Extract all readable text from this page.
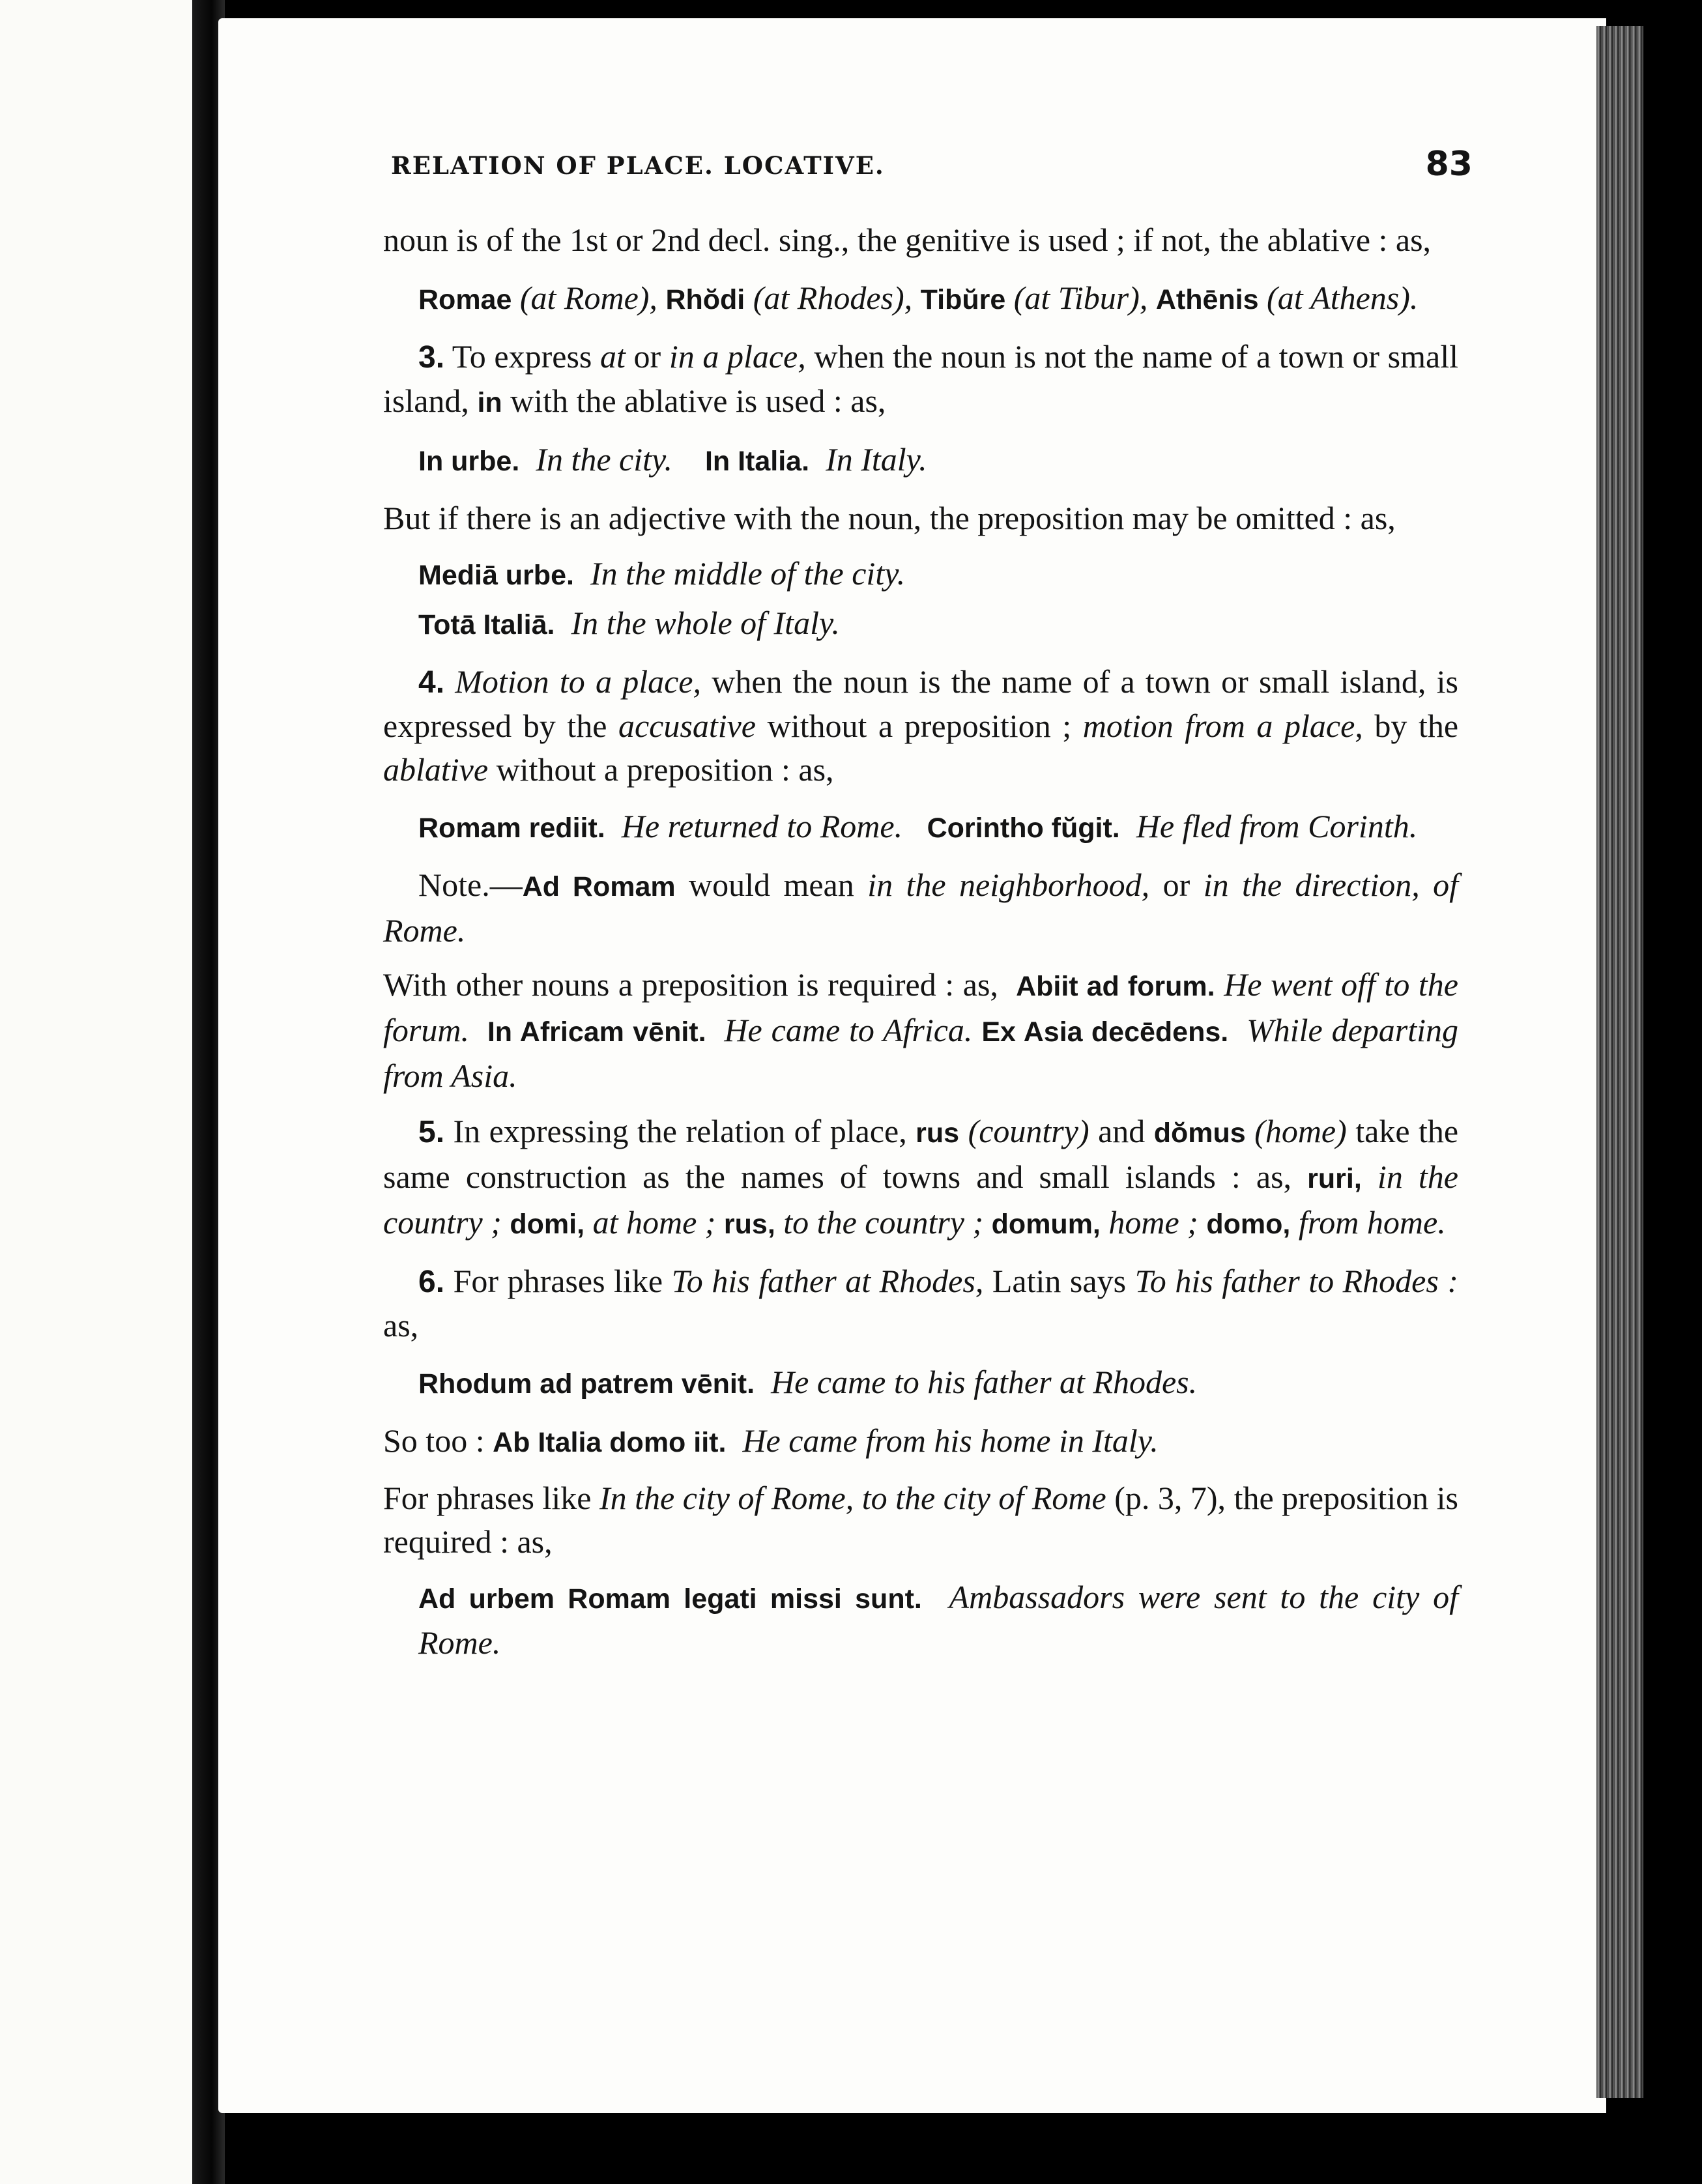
RELATION OF PLACE. LOCATIVE.	83

noun is of the 1st or 2nd decl. sing., the genitive is used ; if not, the ablative : as,

Romae (at Rome), Rhŏdi (at Rhodes), Tibŭre (at Tibur), Athēnis (at Athens).

3. To express at or in a place, when the noun is not the name of a town or small island, in with the ablative is used : as,

In urbe. In the city. In Italia. In Italy.

But if there is an adjective with the noun, the preposition may be omitted : as,

Mediā urbe. In the middle of the city.

Totā Italiā. In the whole of Italy.

4. Motion to a place, when the noun is the name of a town or small island, is expressed by the accusative without a preposition ; motion from a place, by the ablative without a preposition : as,

Romam rediit. He returned to Rome. Corintho fŭgit. He fled from Corinth.

Note.—Ad Romam would mean in the neighborhood, or in the direction, of Rome.

With other nouns a preposition is required : as, Abiit ad forum. He went off to the forum. In Africam vēnit. He came to Africa. Ex Asia decēdens. While departing from Asia.

5. In expressing the relation of place, rus (country) and dŏmus (home) take the same construction as the names of towns and small islands : as, ruri, in the country ; domi, at home ; rus, to the country ; domum, home ; domo, from home.

6. For phrases like To his father at Rhodes, Latin says To his father to Rhodes : as,

Rhodum ad patrem vēnit. He came to his father at Rhodes.

So too : Ab Italia domo iit. He came from his home in Italy.

For phrases like In the city of Rome, to the city of Rome (p. 3, 7), the preposition is required : as,

Ad urbem Romam legati missi sunt. Ambassadors were sent to the city of Rome.
